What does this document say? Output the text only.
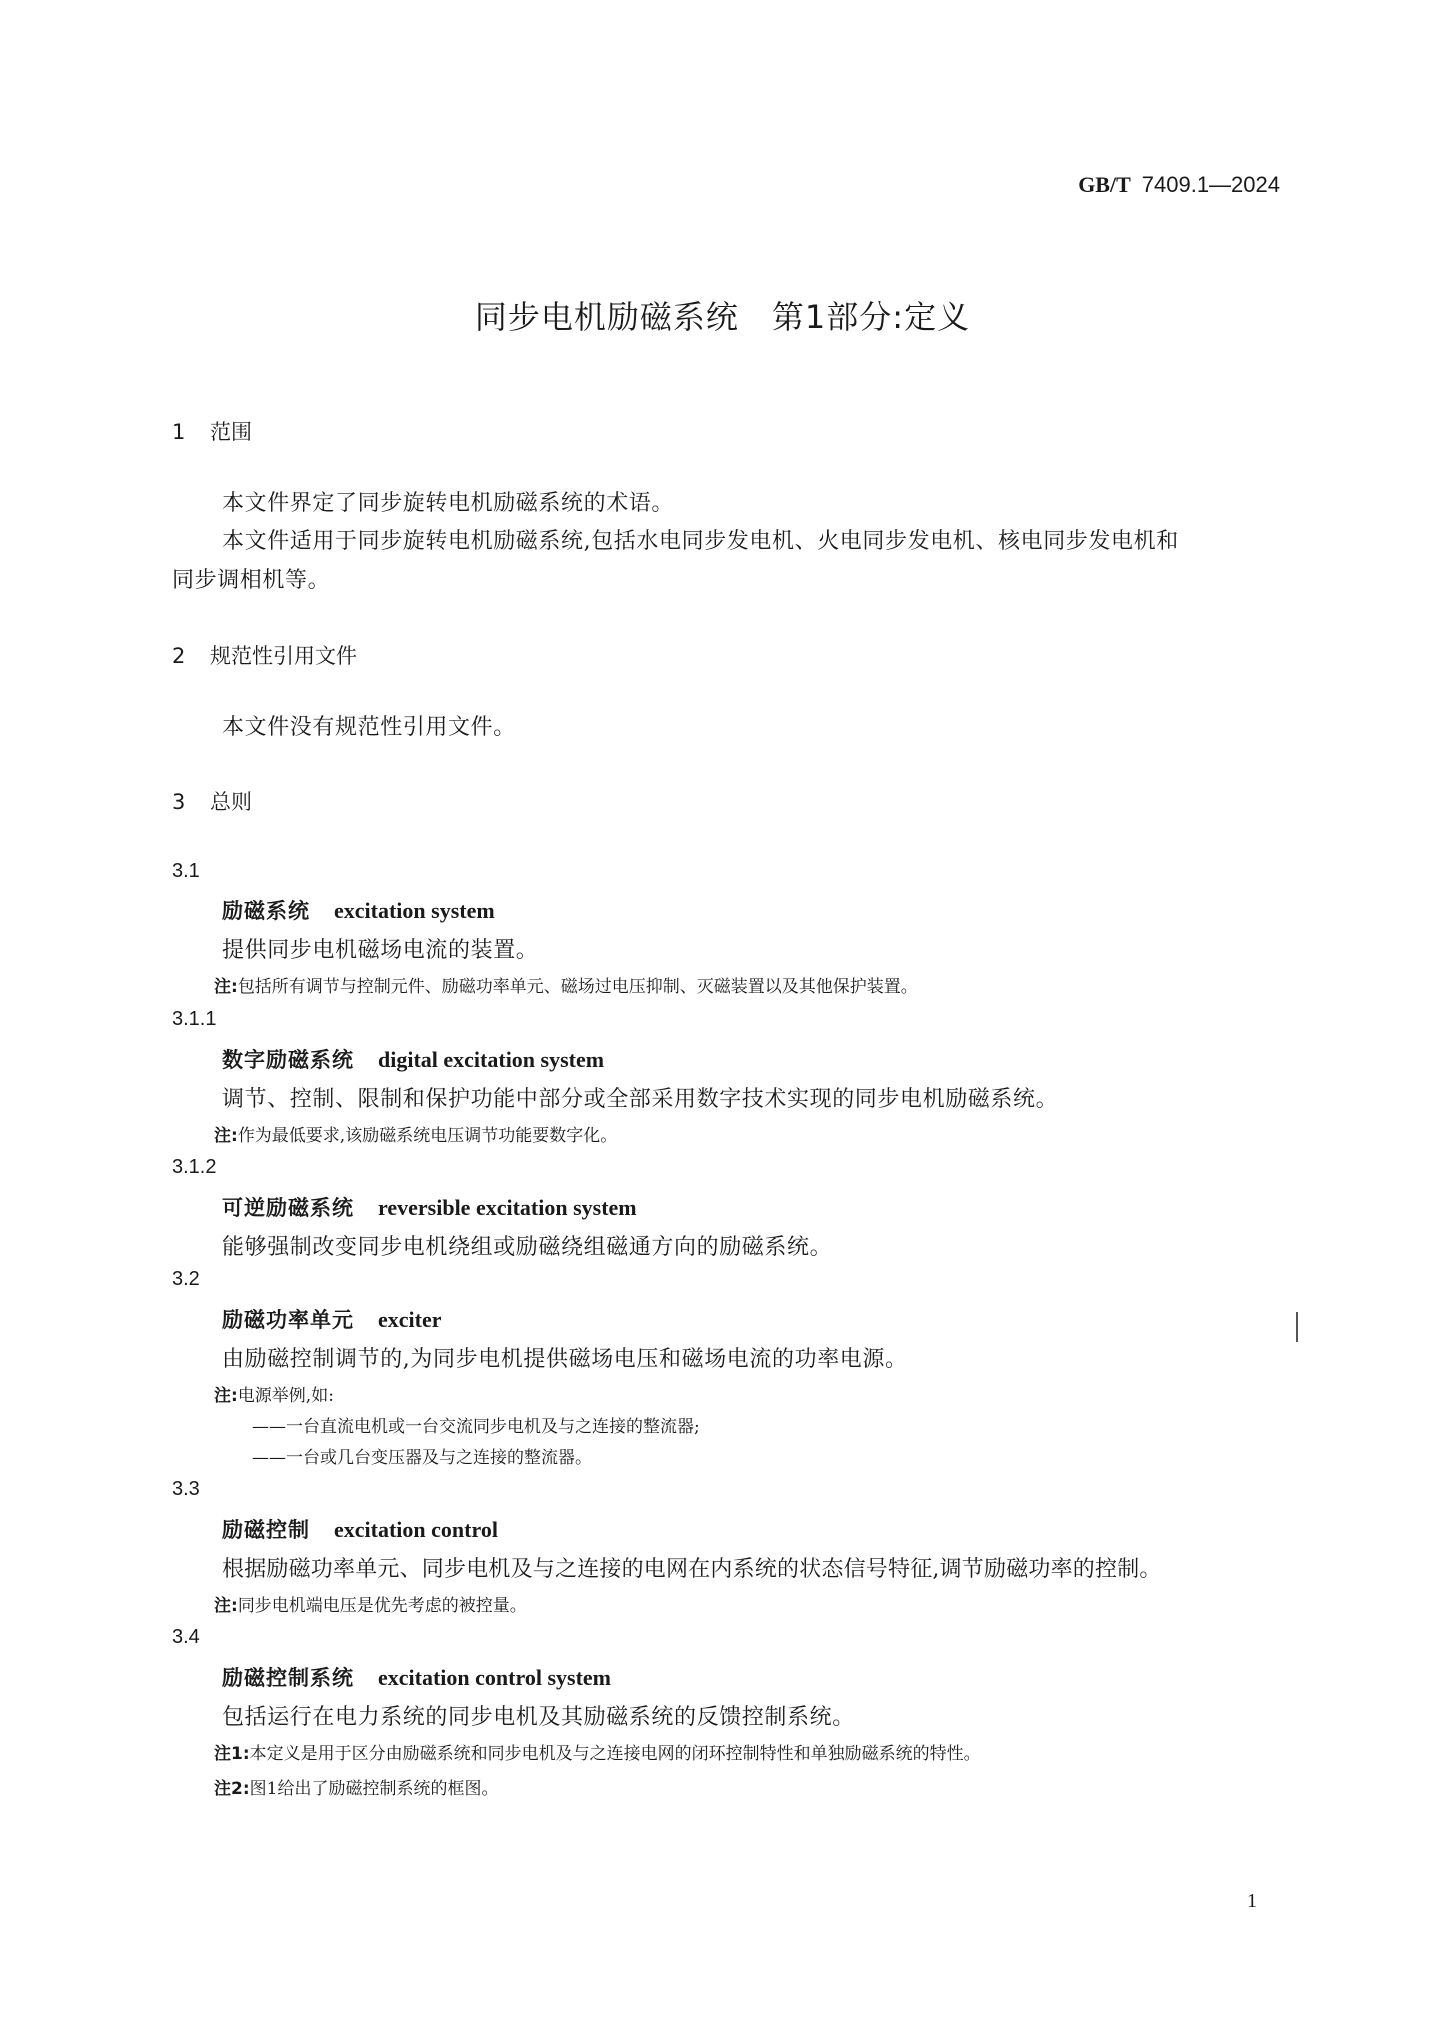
GB/T 7409.1—2024
同步电机励磁系统　第1部分:定义
1 范围
本文件界定了同步旋转电机励磁系统的术语。
本文件适用于同步旋转电机励磁系统,包括水电同步发电机、火电同步发电机、核电同步发电机和
同步调相机等。
2 规范性引用文件
本文件没有规范性引用文件。
3 总则
3.1
励磁系统 excitation system
提供同步电机磁场电流的装置。
注:包括所有调节与控制元件、励磁功率单元、磁场过电压抑制、灭磁装置以及其他保护装置。
3.1.1
数字励磁系统 digital excitation system
调节、控制、限制和保护功能中部分或全部采用数字技术实现的同步电机励磁系统。
注:作为最低要求,该励磁系统电压调节功能要数字化。
3.1.2
可逆励磁系统 reversible excitation system
能够强制改变同步电机绕组或励磁绕组磁通方向的励磁系统。
3.2
励磁功率单元 exciter
由励磁控制调节的,为同步电机提供磁场电压和磁场电流的功率电源。
注:电源举例,如:
——一台直流电机或一台交流同步电机及与之连接的整流器;
——一台或几台变压器及与之连接的整流器。
3.3
励磁控制 excitation control
根据励磁功率单元、同步电机及与之连接的电网在内系统的状态信号特征,调节励磁功率的控制。
注:同步电机端电压是优先考虑的被控量。
3.4
励磁控制系统 excitation control system
包括运行在电力系统的同步电机及其励磁系统的反馈控制系统。
注1:本定义是用于区分由励磁系统和同步电机及与之连接电网的闭环控制特性和单独励磁系统的特性。
注2:图1给出了励磁控制系统的框图。
1
